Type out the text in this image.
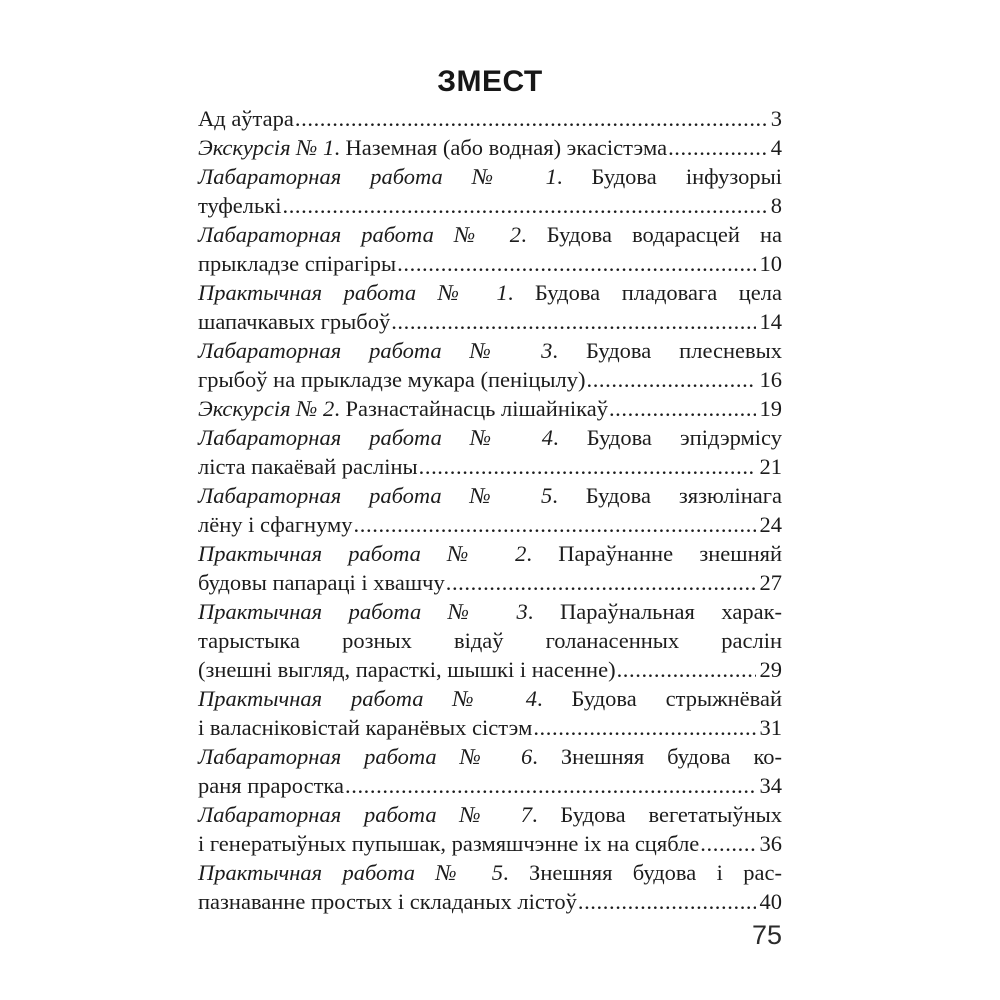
ЗМЕСТ
Ад аўтара .....	3
Экскурсія № 1. Наземная (або водная) экасістэма .....	4
Лабараторная работа № 1. Будова інфузорыі
туфелькі .....	8
Лабараторная работа № 2. Будова водарасцей на
прыкладзе спірагіры .....	10
Практычная работа № 1. Будова пладовага цела
шапачкавых грыбоў .....	14
Лабараторная работа № 3. Будова плесневых
грыбоў на прыкладзе мукара (пеніцылу) .....	16
Экскурсія № 2. Разнастайнасць лішайнікаў .....	19
Лабараторная работа № 4. Будова эпідэрмісу
ліста пакаёвай расліны .....	21
Лабараторная работа № 5. Будова зязюлінага
лёну і сфагнуму .....	24
Практычная работа № 2. Параўнанне знешняй
будовы папараці і хвашчу .....	27
Практычная работа № 3. Параўнальная харак-
тарыстыка розных відаў голанасенных раслін
(знешні выгляд, парасткі, шышкі і насенне) .....	29
Практычная работа № 4. Будова стрыжнёвай
і валасніковістай каранёвых сістэм .....	31
Лабараторная работа № 6. Знешняя будова ко-
раня праростка .....	34
Лабараторная работа № 7. Будова вегетатыўных
і генератыўных пупышак, размяшчэнне іх на сцябле .....	36
Практычная работа № 5. Знешняя будова і рас-
пазнаванне простых і складаных лістоў .....	40
75
